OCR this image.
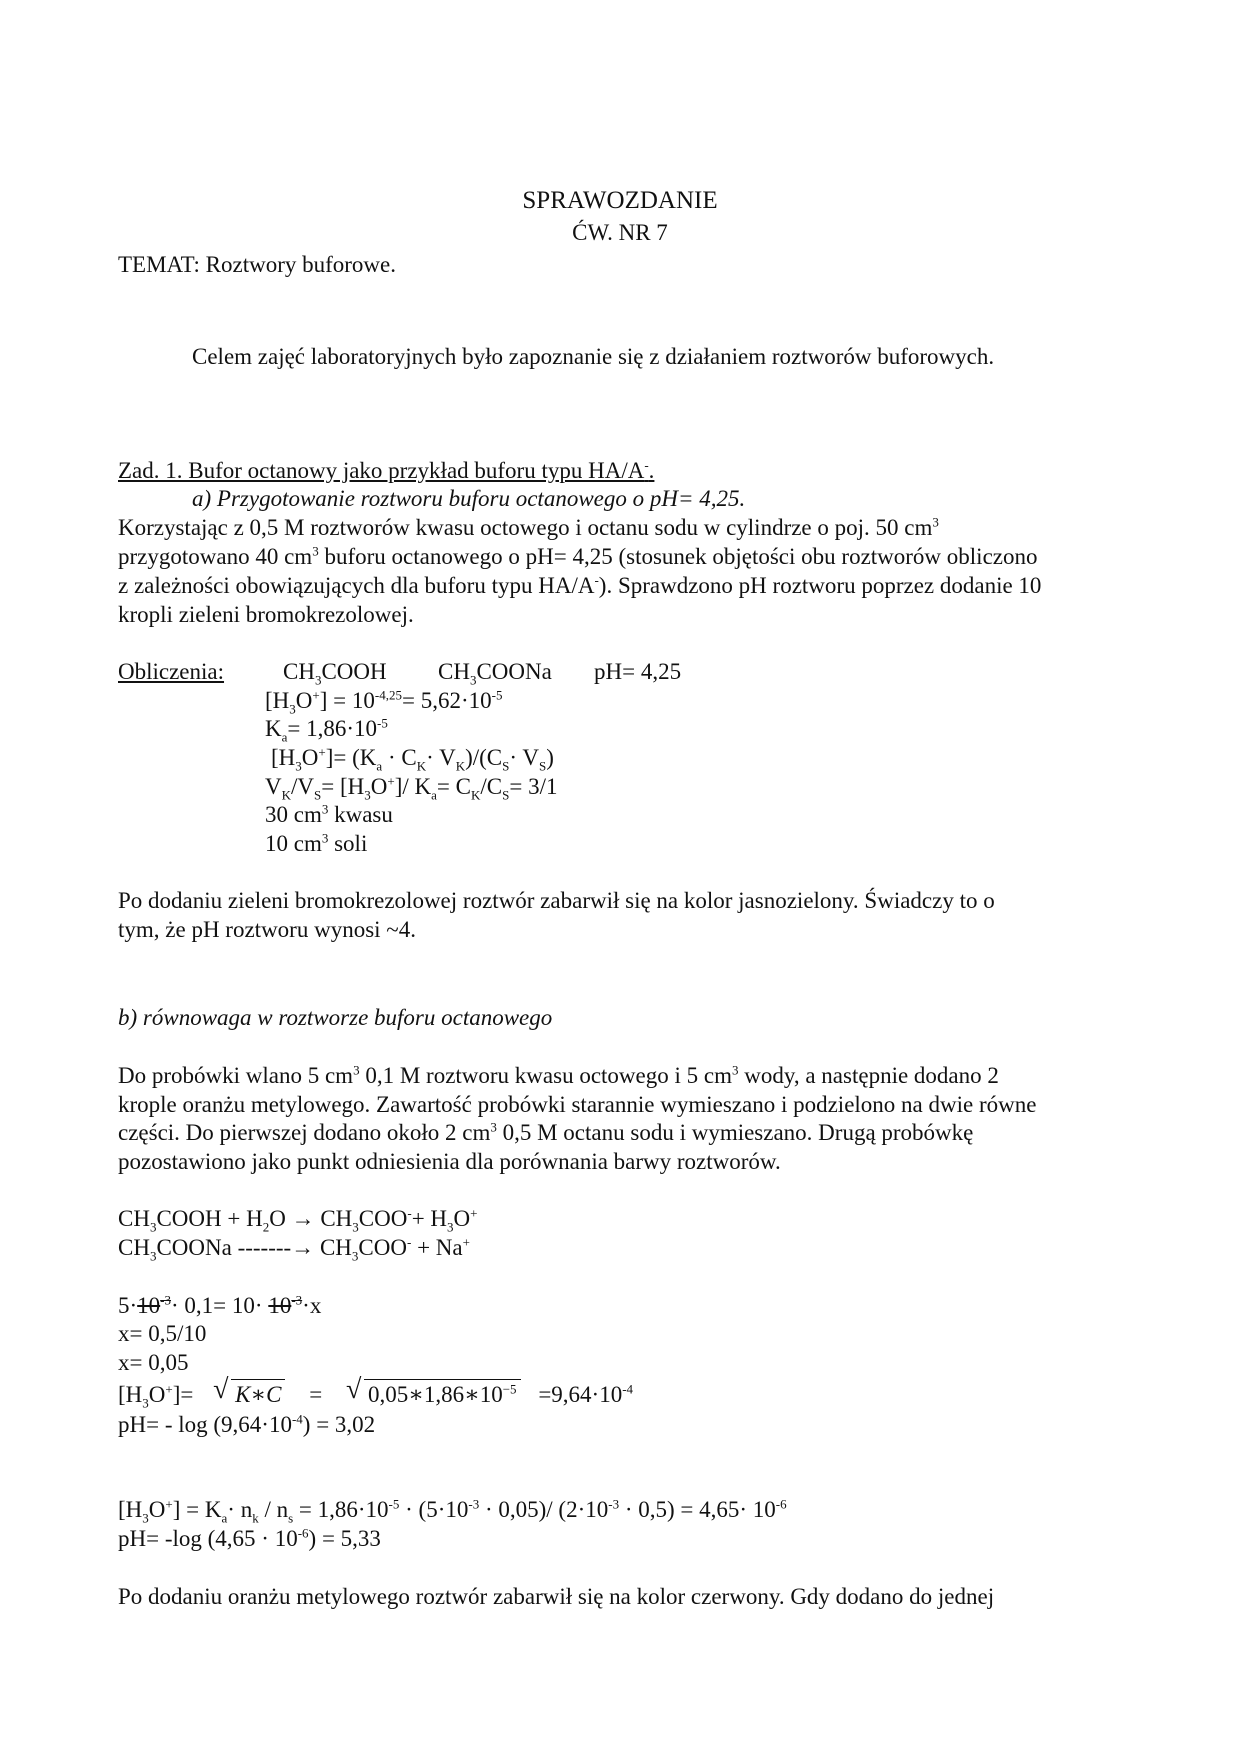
SPRAWOZDANIE
ĆW. NR 7
TEMAT: Roztwory buforowe.
Celem zajęć laboratoryjnych było zapoznanie się z działaniem roztworów buforowych.
Zad. 1. Bufor octanowy jako przykład buforu typu HA/A-.
a) Przygotowanie roztworu buforu octanowego o pH= 4,25.
Korzystając z 0,5 M roztworów kwasu octowego i octanu sodu w cylindrze o poj. 50 $cm^3$
przygotowano 40 $cm^3$ buforu octanowego o pH= 4,25 (stosunek objętości obu roztworów obliczono
z zależności obowiązujących dla buforu typu HA/A-). Sprawdzono pH roztworu poprzez dodanie 10
kropli zieleni bromokrezolowej.
Obliczenia:	$CH_3COOH$ $CH_3COONa$ pH= 4,25
$[H_3O^+] = 10^{-4,25}= 5,62\cdot 10^{-5}$
$K_a= 1,86\cdot 10^{-5}$
$[H_3O^+]= (K_a \cdot C_K\cdot V_K)/(C_S\cdot V_S)$
$V_K/V_S= [H_3O^+]/$ $K_a= C_K/C_S= 3/1$
30 $cm^3$ kwasu
10 $cm^3$ soli
Po dodaniu zieleni bromokrezolowej roztwór zabarwił się na kolor jasnozielony. Świadczy to o
tym, że pH roztworu wynosi ~4.
b) równowaga w roztworze buforu octanowego
Do probówki wlano 5 $cm^3$ 0,1 M roztworu kwasu octowego i 5 $cm^3$ wody, a następnie dodano 2
krople oranżu metylowego. Zawartość probówki starannie wymieszano i podzielono na dwie równe
części. Do pierwszej dodano około 2 $cm^3$ 0,5 M octanu sodu i wymieszano. Drugą probówkę
pozostawiono jako punkt odniesienia dla porównania barwy roztworów.
$CH_3COOH + H_2O \to CH_3COO^-+ H_3O^+$
$CH_3COONa$ -------→ $CH_3COO^- + Na^+$
$5\cdot 10^{-3}\cdot 0,1= 10\cdot 10^{-3}\cdot x$
x= 0,5/10
x= 0,05
$[H_3O^+]=$ √ K∗C = √ $0,05∗1,86∗10^{-5} =9,64\cdot 10^{-4}$
$pH= - \log (9,64\cdot 10^{-4}) = 3,02$
$[H_3O^+] = K_a\cdot n_k / n_s = 1,86\cdot 10^{-5} \cdot (5\cdot 10^{-3} \cdot 0,05)/$ $(2\cdot 10^{-3} \cdot 0,5) = 4,65\cdot 10^{-6}$
pH= -log $(4,65 \cdot 10^{-6}) = 5,33$
Po dodaniu oranżu metylowego roztwór zabarwił się na kolor czerwony. Gdy dodano do jednej
